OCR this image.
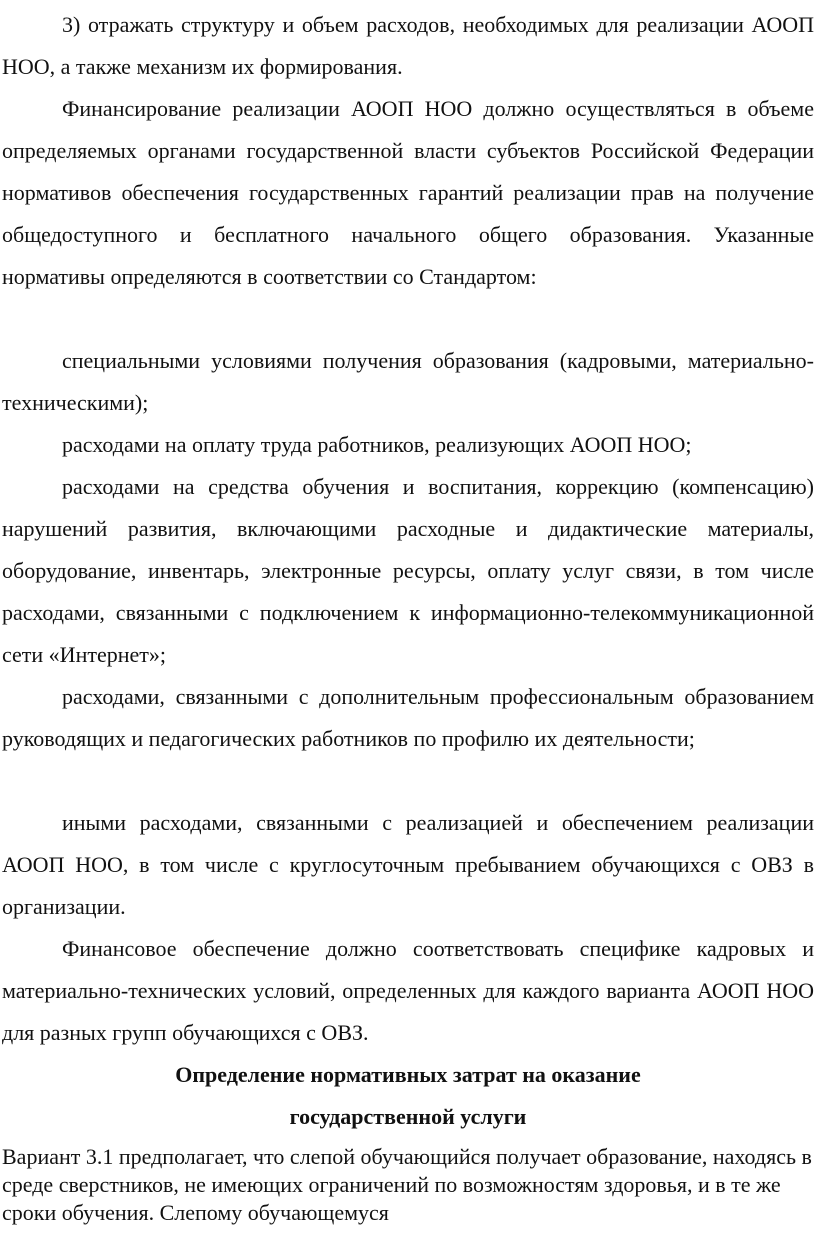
3) отражать структуру и объем расходов, необходимых для реализации АООП НОО, а также механизм их формирования.

Финансирование реализации АООП НОО должно осуществляться в объеме определяемых органами государственной власти субъектов Российской Федерации нормативов обеспечения государственных гарантий реализации прав на получение общедоступного и бесплатного начального общего образования. Указанные нормативы определяются в соответствии со Стандартом:

специальными условиями получения образования (кадровыми, материально-техническими);

расходами на оплату труда работников, реализующих АООП НОО;

расходами на средства обучения и воспитания, коррекцию (компенсацию) нарушений развития, включающими расходные и дидактические материалы, оборудование, инвентарь, электронные ресурсы, оплату услуг связи, в том числе расходами, связанными с подключением к информационно-телекоммуникационной сети «Интернет»;

расходами, связанными с дополнительным профессиональным образованием руководящих и педагогических работников по профилю их деятельности;

иными расходами, связанными с реализацией и обеспечением реализации АООП НОО, в том числе с круглосуточным пребыванием обучающихся с ОВЗ в организации.

Финансовое обеспечение должно соответствовать специфике кадровых и материально-технических условий, определенных для каждого варианта АООП НОО для разных групп обучающихся с ОВЗ.

Определение нормативных затрат на оказание

государственной услуги

Вариант 3.1 предполагает, что слепой обучающийся получает образование, находясь в среде сверстников, не имеющих ограничений по возможностям здоровья, и в те же сроки обучения. Слепому обучающемуся
